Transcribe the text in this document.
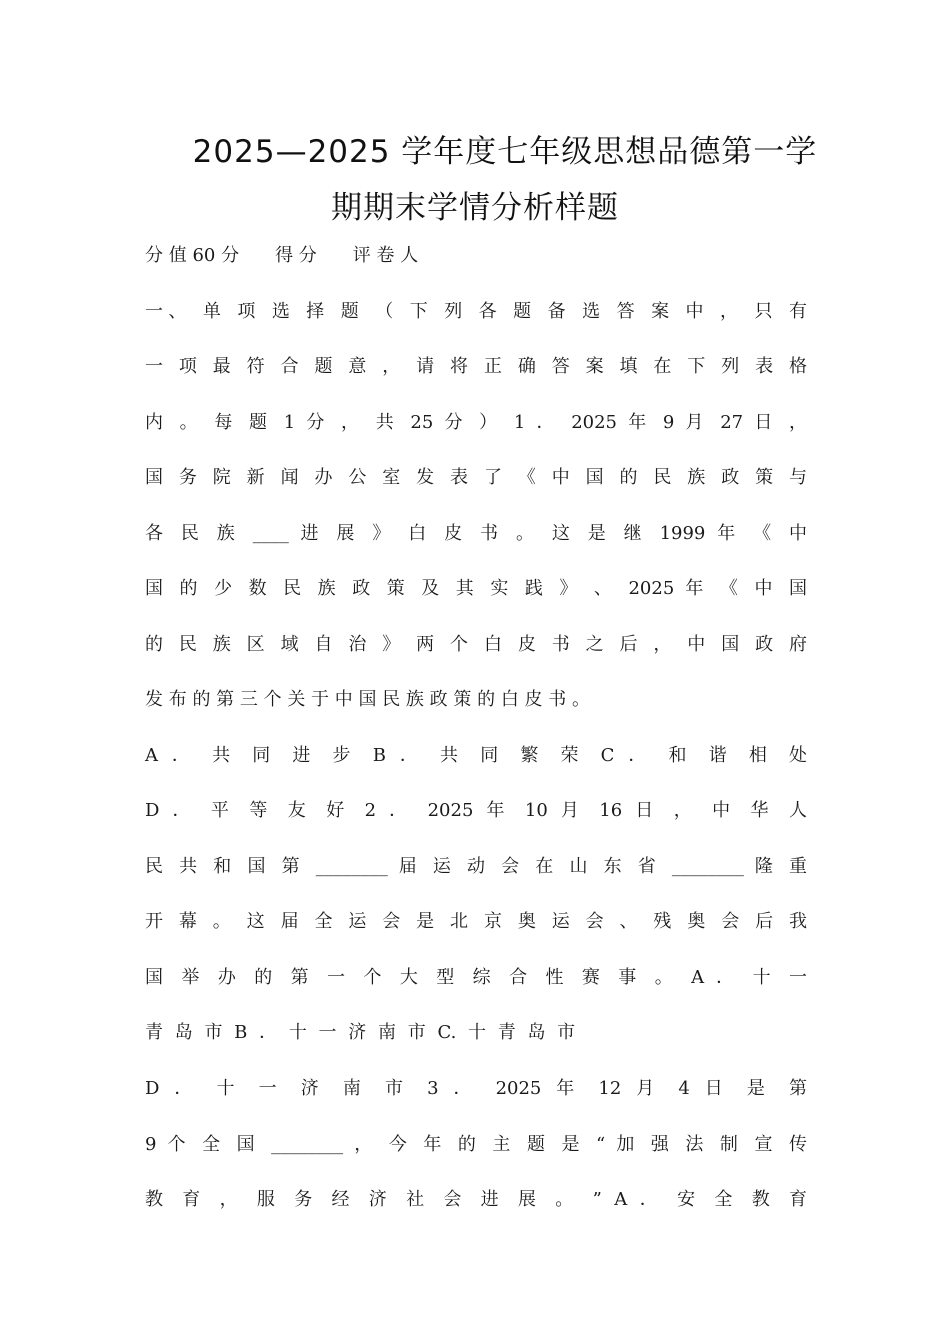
2025—2025 学年度七年级思想品德第一学
期期末学情分析样题
分 值 60 分　　得 分　　评 卷 人
一、 单 项 选 择 题 （ 下 列 各 题 备 选 答 案 中 ， 只 有
一 项 最 符 合 题 意 ， 请 将 正 确 答 案 填 在 下 列 表 格
内 。 每 题 1 分 ， 共 25 分 ） 1 ． 2025 年 9 月 27 日 ，
国 务 院 新 闻 办 公 室 发 表 了 《 中 国 的 民 族 政 策 与
各 民 族 ____ 进 展 》 白 皮 书 。 这 是 继 1999 年 《 中
国 的 少 数 民 族 政 策 及 其 实 践 》 、 2025 年 《 中 国
的 民 族 区 域 自 治 》 两 个 白 皮 书 之 后 ， 中 国 政 府
发 布 的 第 三 个 关 于 中 国 民 族 政 策 的 白 皮 书 。
A ． 共 同 进 步 B ． 共 同 繁 荣 C ． 和 谐 相 处
D ． 平 等 友 好 2 ． 2025 年 10 月 16 日 ， 中 华 人
民 共 和 国 第 ________ 届 运 动 会 在 山 东 省 ________ 隆 重
开 幕 。 这 届 全 运 会 是 北 京 奥 运 会 、 残 奥 会 后 我
国 举 办 的 第 一 个 大 型 综 合 性 赛 事 。 A ． 十 一
青 岛 市 B ． 十 一 济 南 市 C. 十 青 岛 市
D ． 十 一 济 南 市 3 ． 2025 年 12 月 4 日 是 第
9 个 全 国 ________ ， 今 年 的 主 题 是 “ 加 强 法 制 宣 传
教 育 ， 服 务 经 济 社 会 进 展 。 ” A ． 安 全 教 育
